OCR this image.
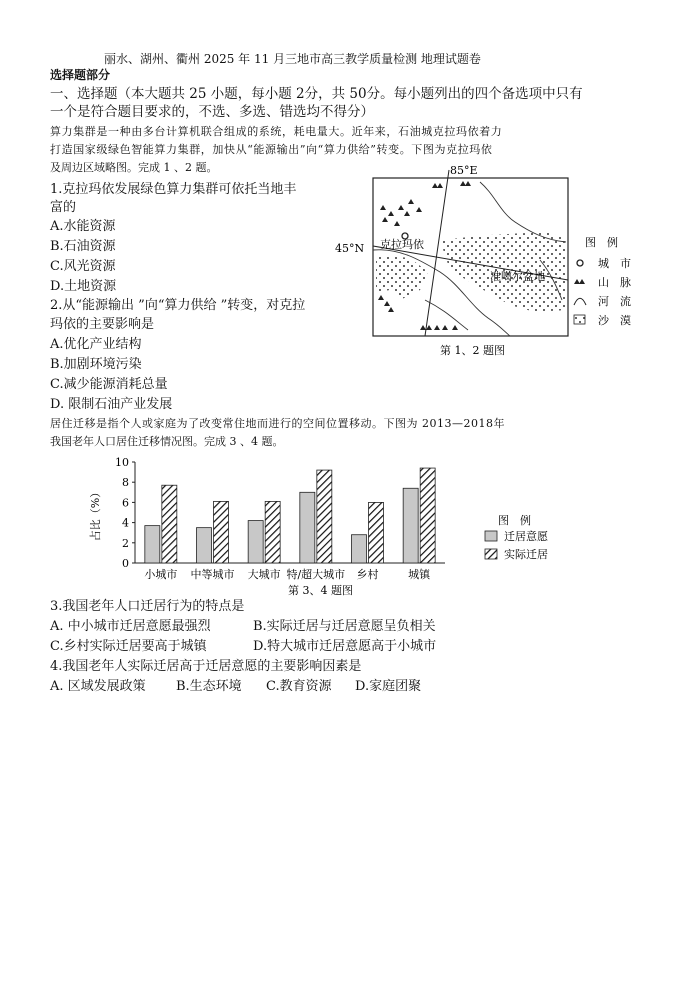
丽水、湖州、衢州 2025 年 11 月三地市高三教学质量检测 地理试题卷
选择题部分
一、选择题（本大题共 25 小题，每小题 2分，共 50分。每小题列出的四个备选项中只有
一个是符合题目要求的，不选、多选、错选均不得分）
算力集群是一种由多台计算机联合组成的系统，耗电量大。近年来，石油城克拉玛依着力
打造国家级绿色智能算力集群，加快从“能源输出”向“算力供给”转变。下图为克拉玛依
及周边区域略图。完成 1 、2 题。
1.克拉玛依发展绿色算力集群可依托当地丰
富的
A.水能资源
B.石油资源
C.风光资源
D.土地资源
2.从“能源输出 ”向“算力供给 ”转变，对克拉
玛依的主要影响是
A.优化产业结构
B.加剧环境污染
C.减少能源消耗总量
D. 限制石油产业发展
85°E
克拉玛依
准噶尔盆地
45°N
第 1、2 题图
图　例
城　市
山　脉
河　流
沙　漠
居住迁移是指个人或家庭为了改变常住地而进行的空间位置移动。下图为 2013—2018年
我国老年人口居住迁移情况图。完成 3 、4 题。
0
2
4
6
8
10
小城市 中等城市 大城市 特/超大城市 乡村	城镇
占比（%）
第 3、4 题图
图　例
迁居意愿
实际迁居
3.我国老年人口迁居行为的特点是
A. 中小城市迁居意愿最强烈	B.实际迁居与迁居意愿呈负相关
C.乡村实际迁居要高于城镇	D.特大城市迁居意愿高于小城市
4.我国老年人实际迁居高于迁居意愿的主要影响因素是
A. 区域发展政策 B.生态环境 C.教育资源 D.家庭团聚
